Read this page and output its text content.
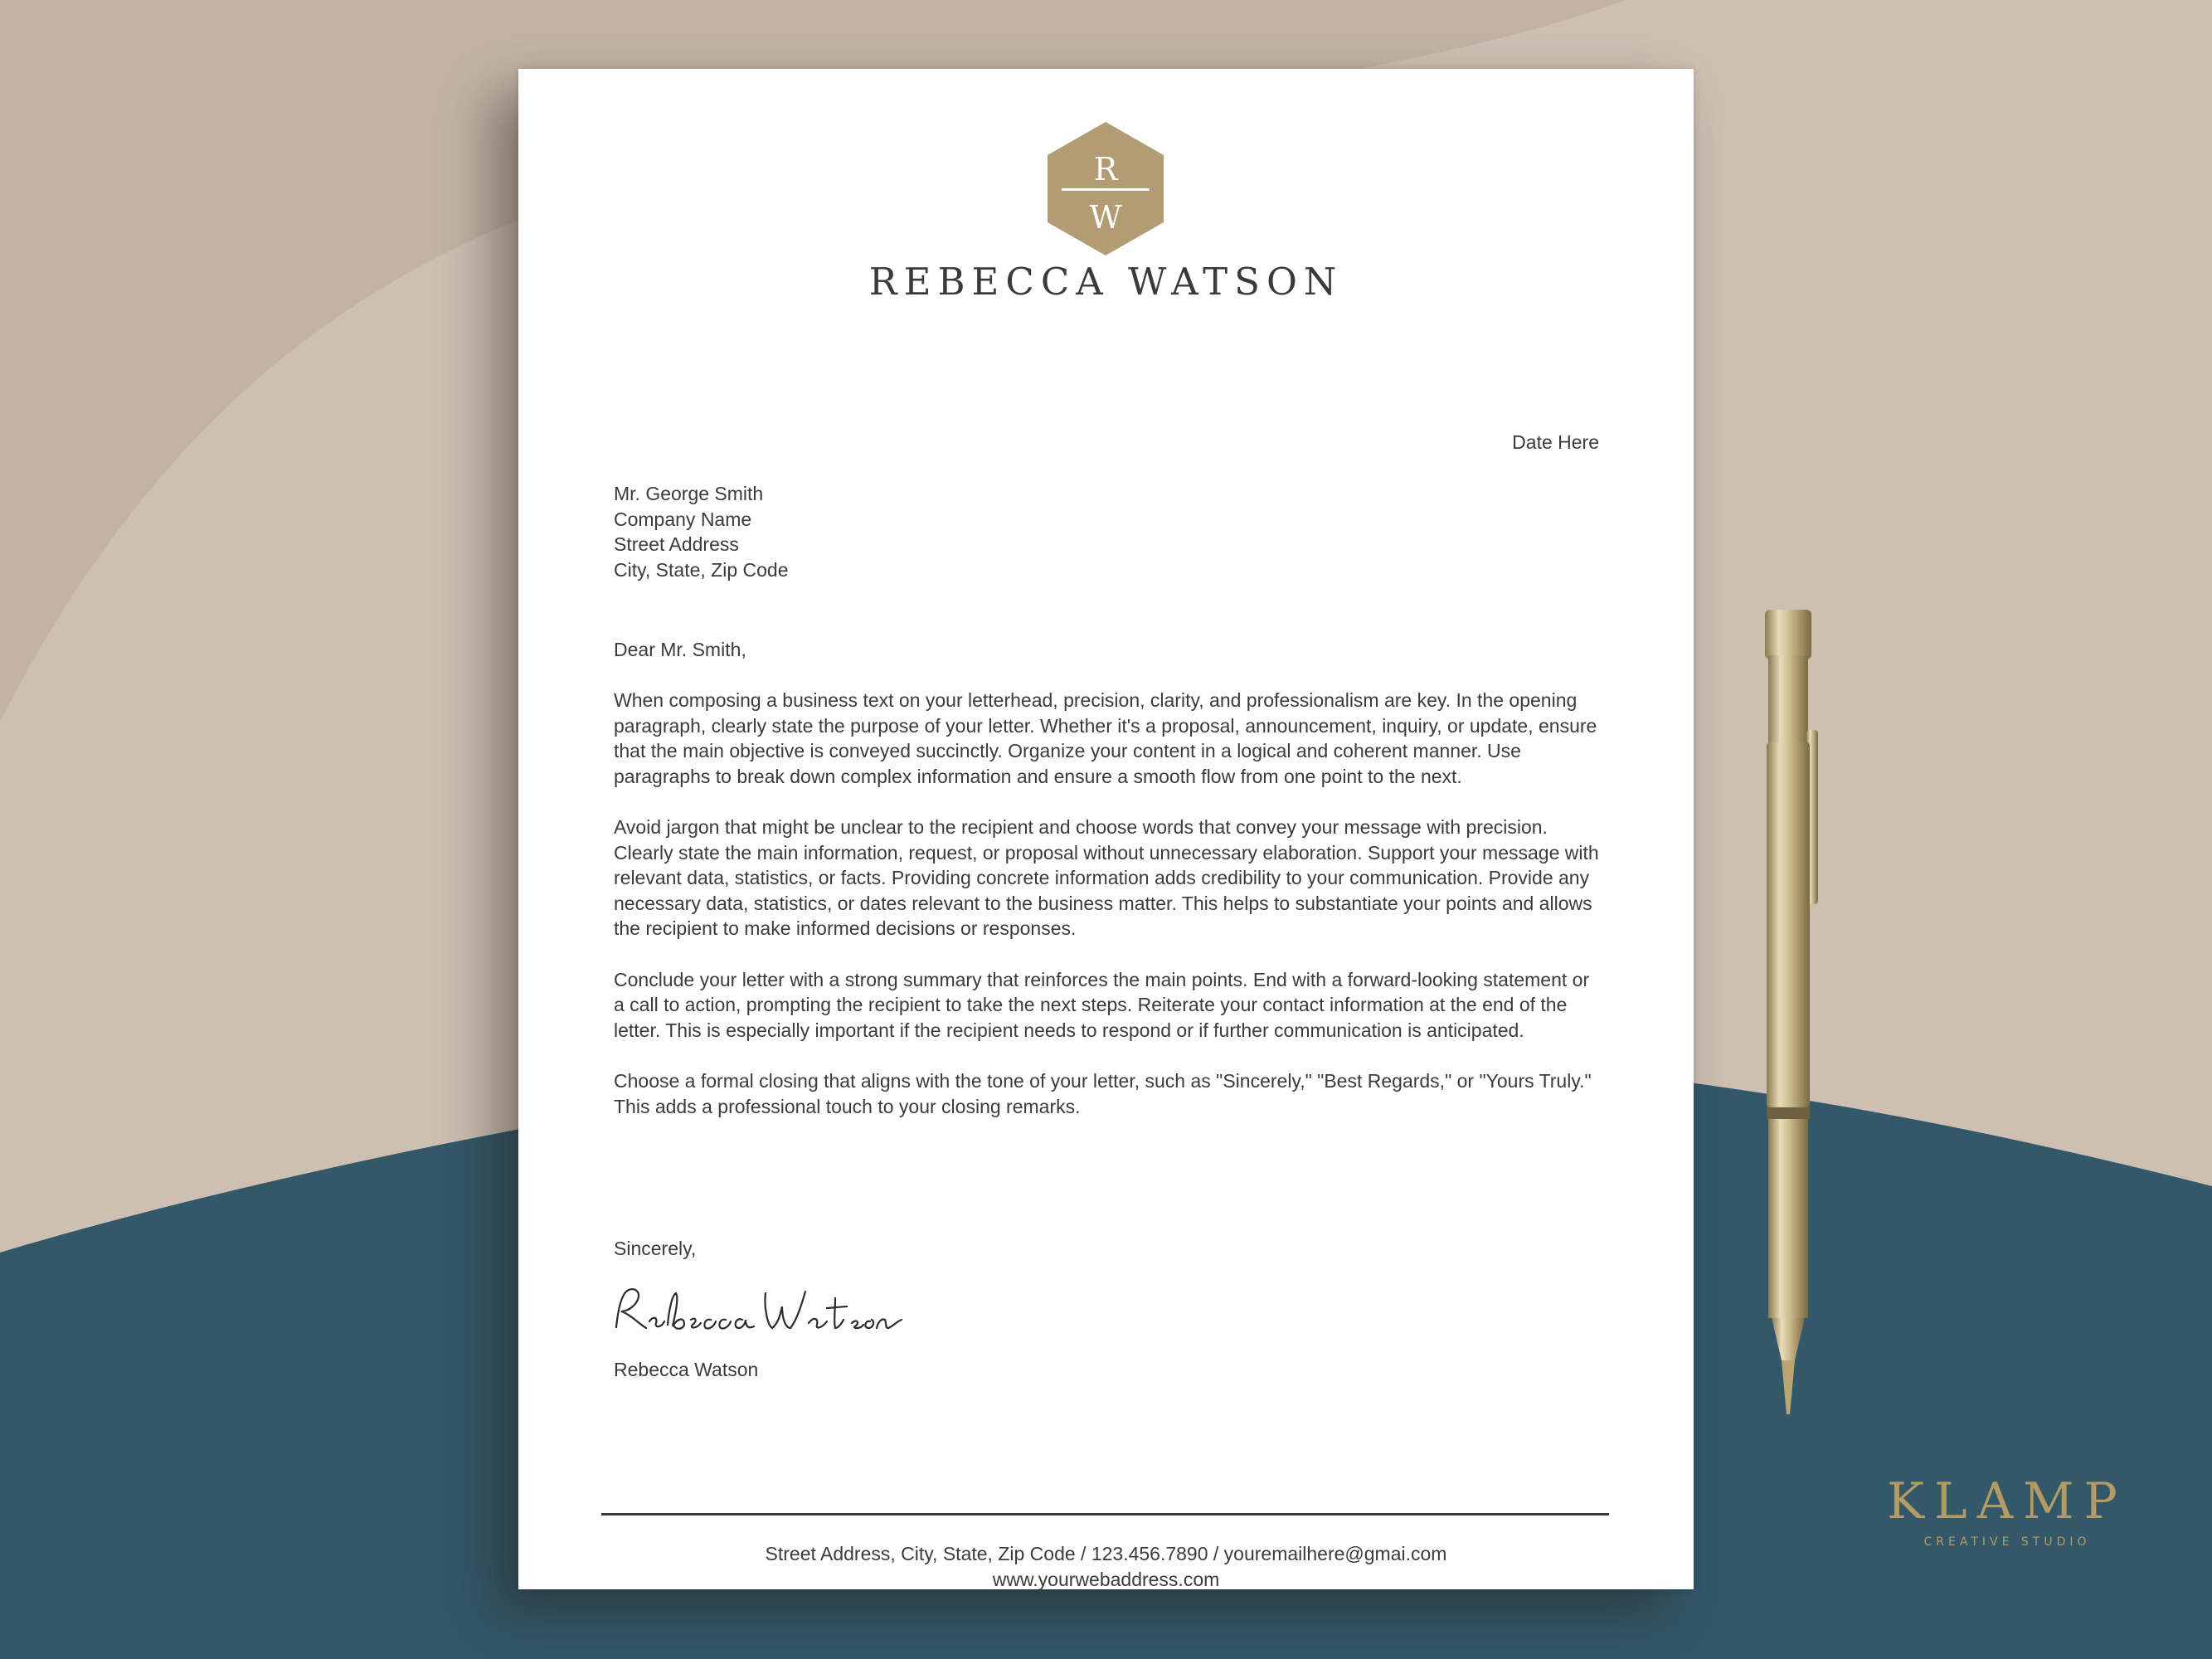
R
W
REBECCA WATSON
Date Here
Mr. George Smith
Company Name
Street Address
City, State, Zip Code
Dear Mr. Smith,

When composing a business text on your letterhead, precision, clarity, and professionalism are key. In the opening paragraph, clearly state the purpose of your letter. Whether it's a proposal, announcement, inquiry, or update, ensure that the main objective is conveyed succinctly. Organize your content in a logical and coherent manner. Use paragraphs to break down complex information and ensure a smooth flow from one point to the next.

Avoid jargon that might be unclear to the recipient and choose words that convey your message with precision. Clearly state the main information, request, or proposal without unnecessary elaboration. Support your message with relevant data, statistics, or facts. Providing concrete information adds credibility to your communication. Provide any necessary data, statistics, or dates relevant to the business matter. This helps to substantiate your points and allows the recipient to make informed decisions or responses.

Conclude your letter with a strong summary that reinforces the main points. End with a forward-looking statement or a call to action, prompting the recipient to take the next steps. Reiterate your contact information at the end of the letter. This is especially important if the recipient needs to respond or if further communication is anticipated.

Choose a formal closing that aligns with the tone of your letter, such as "Sincerely," "Best Regards," or "Yours Truly." This adds a professional touch to your closing remarks.

Sincerely,
Rebecca Watson
Street Address, City, State, Zip Code / 123.456.7890 / youremailhere@gmai.com
www.yourwebaddress.com
KLAMP
CREATIVE STUDIO
